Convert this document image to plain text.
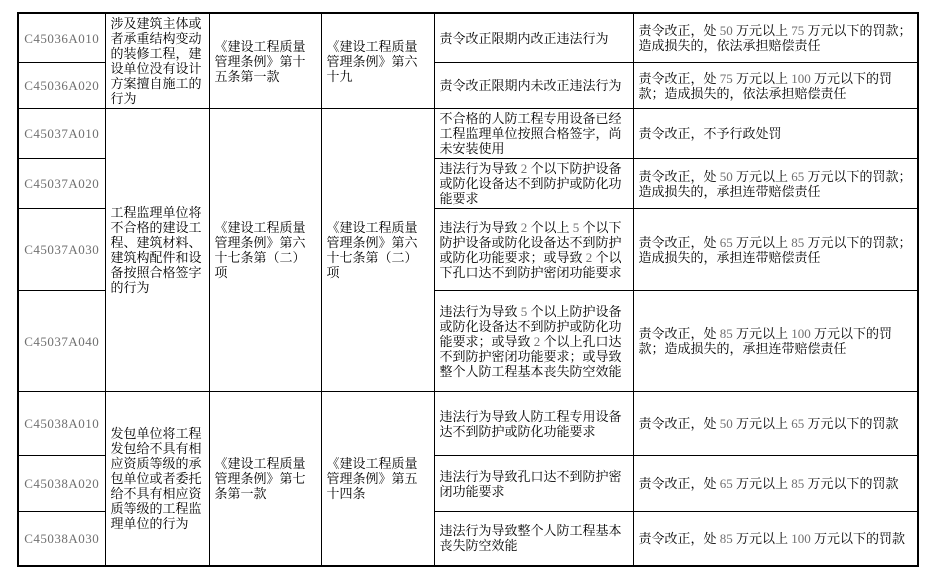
C45036A010	涉及建筑主体或者承重结构变动的装修工程，建设单位没有设计方案擅自施工的行为	《建设工程质量管理条例》第十五条第一款	《建设工程质量管理条例》第六十九	责令改正限期内改正违法行为	责令改正，处 50 万元以上 75 万元以下的罚款；造成损失的，依法承担赔偿责任
C45036A020				责令改正限期内未改正违法行为	责令改正，处 75 万元以上 100 万元以下的罚款；造成损失的，依法承担赔偿责任
C45037A010	工程监理单位将不合格的建设工程、建筑材料、建筑构配件和设备按照合格签字的行为	《建设工程质量管理条例》第六十七条第（二）项	《建设工程质量管理条例》第六十七条第（二）项	不合格的人防工程专用设备已经工程监理单位按照合格签字，尚未安装使用	责令改正，不予行政处罚
C45037A020				违法行为导致 2 个以下防护设备或防化设备达不到防护或防化功能要求	责令改正，处 50 万元以上 65 万元以下的罚款；造成损失的，承担连带赔偿责任
C45037A030				违法行为导致 2 个以上 5 个以下防护设备或防化设备达不到防护或防化功能要求；或导致 2 个以下孔口达不到防护密闭功能要求	责令改正，处 65 万元以上 85 万元以下的罚款；造成损失的，承担连带赔偿责任
C45037A040				违法行为导致 5 个以上防护设备或防化设备达不到防护或防化功能要求；或导致 2 个以上孔口达不到防护密闭功能要求；或导致整个人防工程基本丧失防空效能	责令改正，处 85 万元以上 100 万元以下的罚款；造成损失的，承担连带赔偿责任
C45038A010	发包单位将工程发包给不具有相应资质等级的承包单位或者委托给不具有相应资质等级的工程监理单位的行为	《建设工程质量管理条例》第七条第一款	《建设工程质量管理条例》第五十四条	违法行为导致人防工程专用设备达不到防护或防化功能要求	责令改正，处 50 万元以上 65 万元以下的罚款
C45038A020				违法行为导致孔口达不到防护密闭功能要求	责令改正，处 65 万元以上 85 万元以下的罚款
C45038A030				违法行为导致整个人防工程基本丧失防空效能	责令改正，处 85 万元以上 100 万元以下的罚款
